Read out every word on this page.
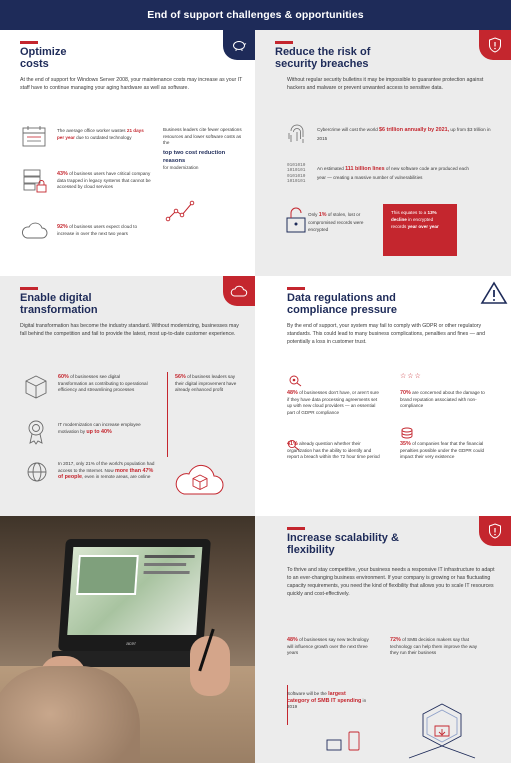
End of support challenges & opportunities
Optimize
costs
At the end of support for Windows Server 2008, your maintenance costs may increase as your IT staff have to continue managing your aging hardware as well as software.
The average office worker wastes 21 days per year due to outdated technology
43% of business users have critical company data trapped in legacy systems that cannot be accessed by cloud services
92% of business users expect cloud to increase in over the next two years
Business leaders cite fewer operations resources and lower software costs as the
top two cost reduction reasons
for modernization
Reduce the risk of
security breaches
Without regular security bulletins it may be impossible to guarantee protection against hackers and malware or prevent unwanted access to sensitive data.
Cybercrime will cost the world $6 trillion annually by 2021, up from $3 trillion in 2015
0101010
1010101
0101010
1010101
An estimated 111 billion lines of new software code are produced each year — creating a massive number of vulnerabilities
Only 1% of stolen, lost or compromised records were encrypted
This equates to a 13% decline in encrypted records year over year
Enable digital
transformation
Digital transformation has become the industry standard. Without modernizing, businesses may fall behind the competition and fail to provide the latest, most up-to-date customer experience.
60% of businesses see digital transformation as contributing to operational efficiency and streamlining processes
IT modernization can increase employee motivation by up to 40%
In 2017, only 21% of the world's population had access to the Internet. Now more than 47% of people, even in remote areas, are online
56% of business leaders say their digital improvement have already enhanced profit
Data regulations and
compliance pressure
By the end of support, your system may fail to comply with GDPR or other regulatory standards. This could lead to many business complications, penalties and fines — and potentially a loss in customer trust.
48% of businesses don't have, or aren't sure if they have data processing agreements set up with new cloud providers — an essential part of GDPR compliance
☆☆☆
70% are concerned about the damage to brand reputation associated with non-compliance
41% already question whether their organization has the ability to identify and report a breach within the 72 hour time period
35% of companies fear that the financial penalties possible under the GDPR could impact their very existence
acer
Increase scalability &
flexibility
To thrive and stay competitive, your business needs a responsive IT infrastructure to adapt to an ever-changing business environment. If your company is growing or has fluctuating capacity requirements, you need the kind of flexibility that allows you to scale IT resources quickly and cost-effectively.
48% of businesses say new technology will influence growth over the next three years
72% of SMB decision makers say that technology can help them improve the way they run their business
Software will be the largest category of SMB IT spending in 2019
